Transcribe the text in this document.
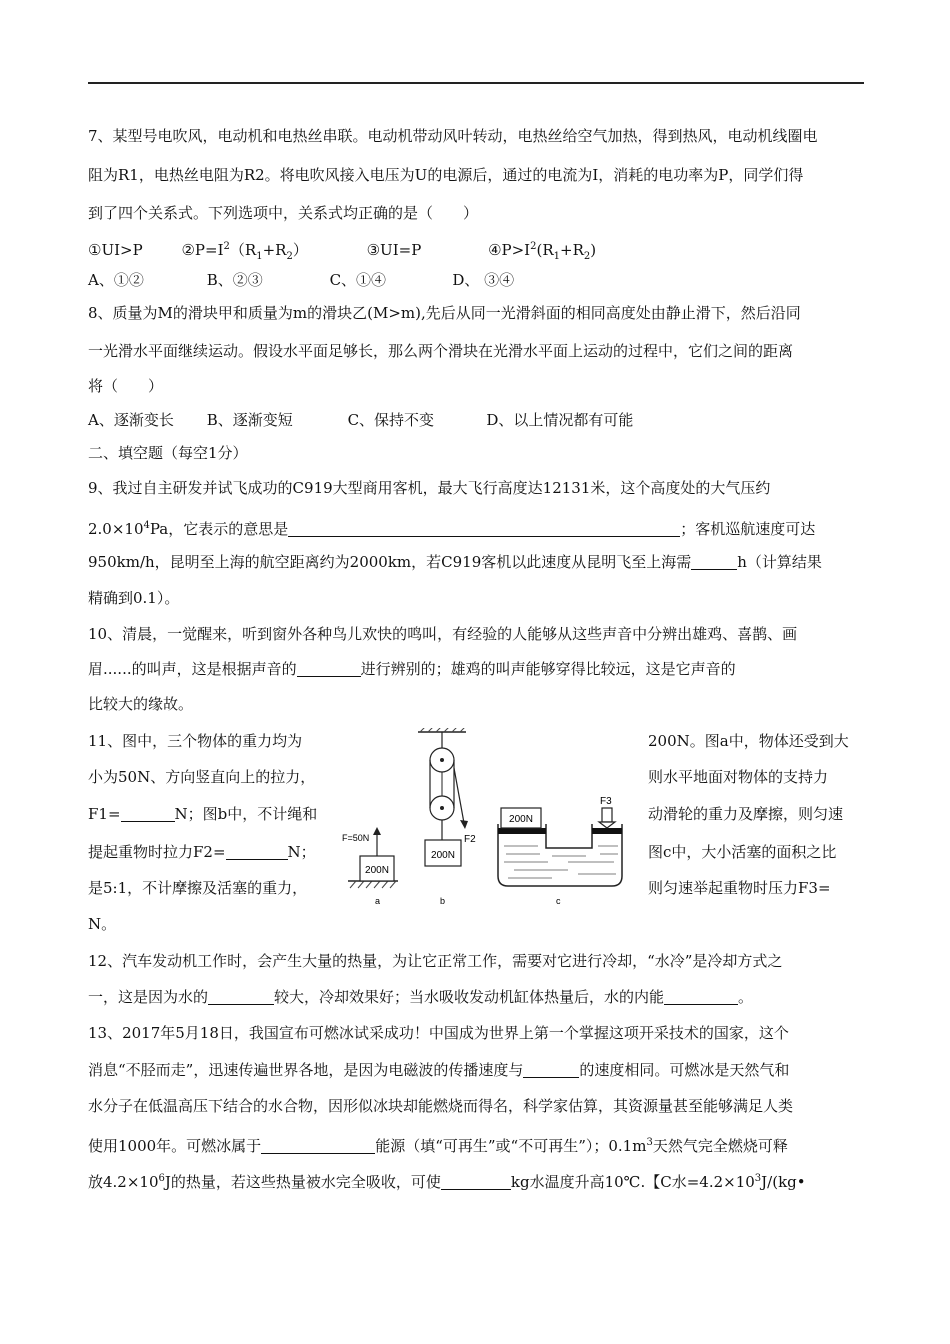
7、某型号电吹风，电动机和电热丝串联。电动机带动风叶转动，电热丝给空气加热，得到热风，电动机线圈电
阻为R1，电热丝电阻为R2。将电吹风接入电压为U的电源后，通过的电流为I，消耗的电功率为P，同学们得
到了四个关系式。下列选项中，关系式均正确的是（　　）
①UI>P	$②P=I^2(R_1+R_2)$	③UI=P	$④P>I^2(R_1+R_2)$
A、①②	B、②③	C、①④	D、 ③④
8、质量为M的滑块甲和质量为m的滑块乙(M>m),先后从同一光滑斜面的相同高度处由静止滑下，然后沿同
一光滑水平面继续运动。假设水平面足够长，那么两个滑块在光滑水平面上运动的过程中，它们之间的距离
将（　　）
A、逐渐变长 B、逐渐变短	C、保持不变	D、以上情况都有可能
二、填空题（每空1分）
9、我过自主研发并试飞成功的C919大型商用客机，最大飞行高度达12131米，这个高度处的大气压约
$2.0\times 10^4Pa$，它表示的意思是	；客机巡航速度可达
950km/h，昆明至上海的航空距离约为2000km，若C919客机以此速度从昆明飞至上海需	h（计算结果
精确到0.1）。
10、清晨，一觉醒来，听到窗外各种鸟儿欢快的鸣叫，有经验的人能够从这些声音中分辨出雄鸡、喜鹊、画
眉......的叫声，这是根据声音的	进行辨别的；雄鸡的叫声能够穿得比较远，这是它声音的
比较大的缘故。
11、图中，三个物体的重力均为
小为50N、方向竖直向上的拉力，
F1=	N；图b中，不计绳和
提起重物时拉力F2=	N；
是5:1，不计摩擦及活塞的重力，
N。
200N。图a中，物体还受到大
则水平地面对物体的支持力
动滑轮的重力及摩擦，则匀速
图c中，大小活塞的面积之比
则匀速举起重物时压力F3=
200N
F=50N
a
F2
200N
b
200N
F3
c
12、汽车发动机工作时，会产生大量的热量，为让它正常工作，需要对它进行冷却，“水冷”是冷却方式之
一，这是因为水的	较大，冷却效果好；当水吸收发动机缸体热量后，水的内能	。
13、2017年5月18日，我国宣布可燃冰试采成功！中国成为世界上第一个掌握这项开采技术的国家，这个
消息“不胫而走”，迅速传遍世界各地，是因为电磁波的传播速度与	的速度相同。可燃冰是天然气和
水分子在低温高压下结合的水合物，因形似冰块却能燃烧而得名，科学家估算，其资源量甚至能够满足人类
使用1000年。可燃冰属于	能源（填“可再生”或“不可再生”）；$0.1m^3$天然气完全燃烧可释
放$4.2\times 10^6J$的热量，若这些热量被水完全吸收，可使	kg水温度升高10℃.【C水$=4.2\times 10^3J/(kg•$
